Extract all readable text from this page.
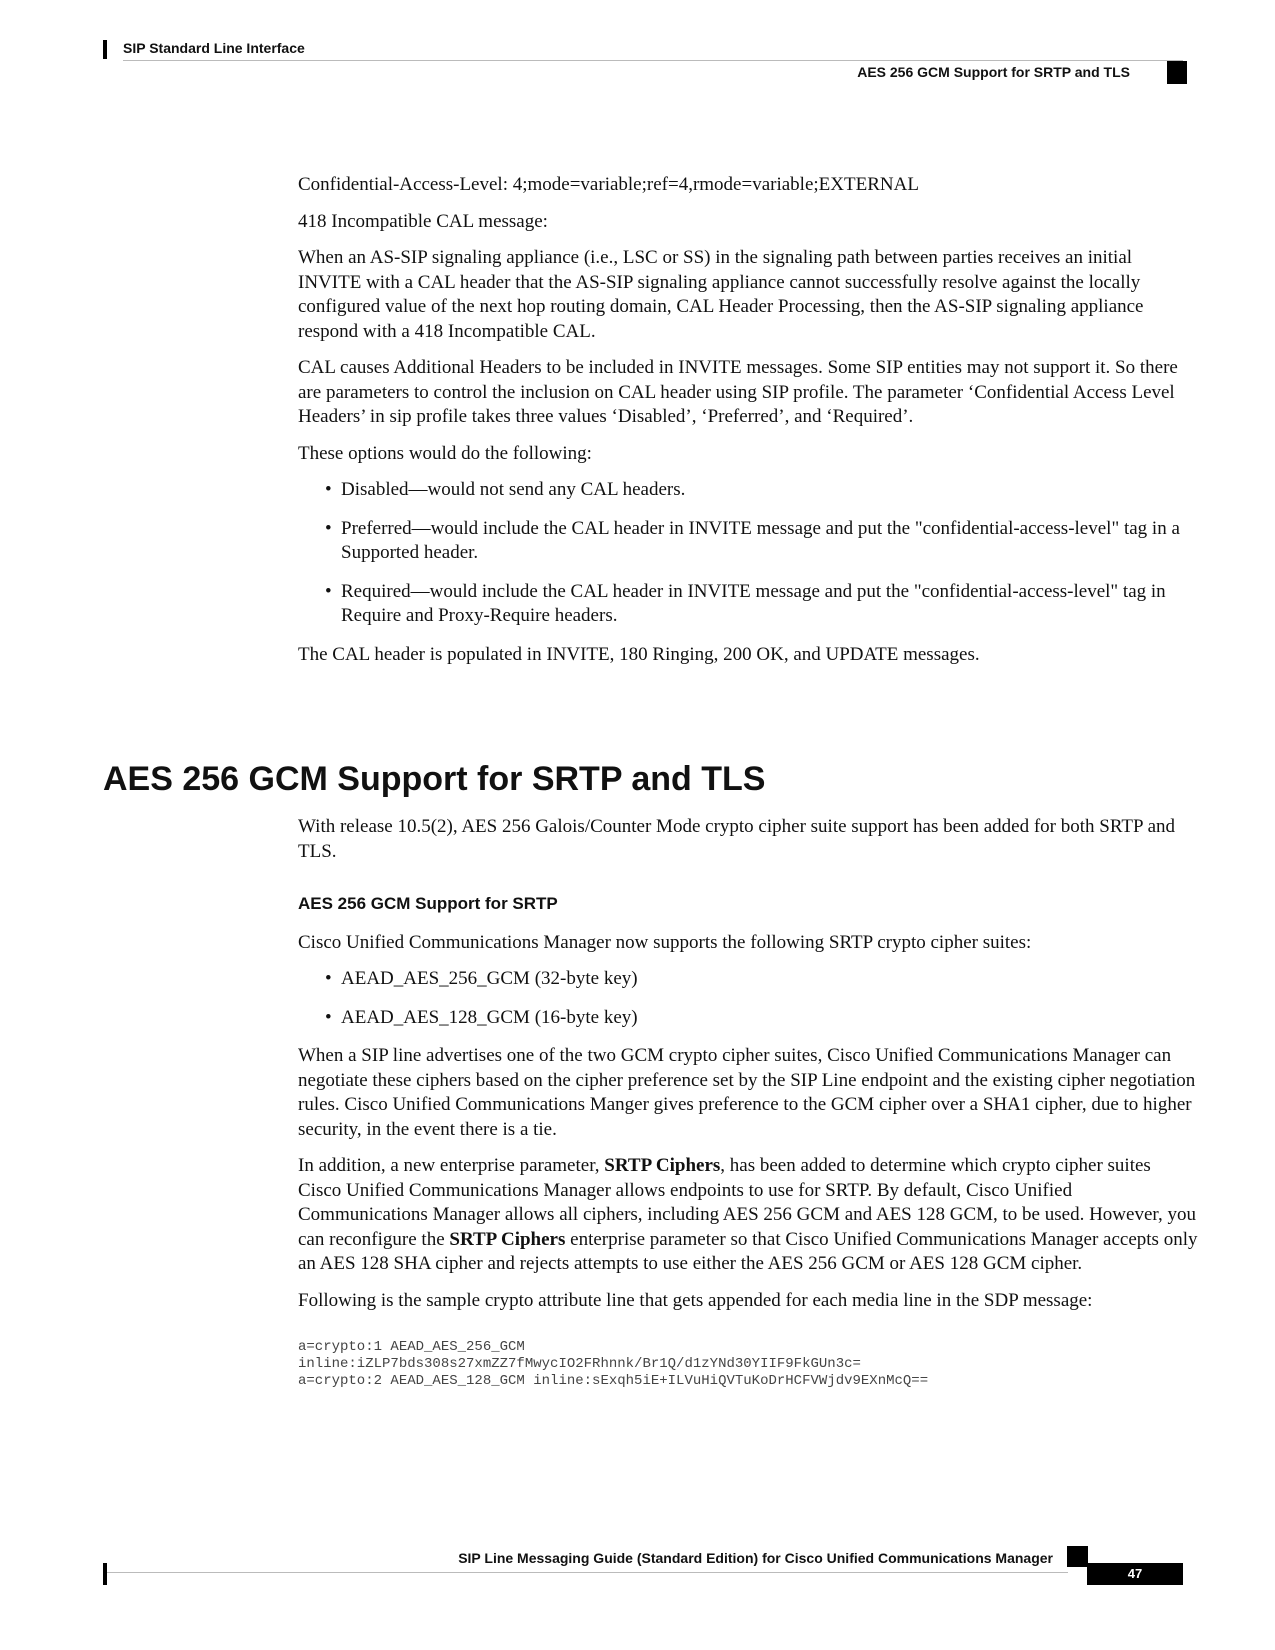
SIP Standard Line Interface
AES 256 GCM Support for SRTP and TLS

Confidential-Access-Level: 4;mode=variable;ref=4,rmode=variable;EXTERNAL

418 Incompatible CAL message:

When an AS-SIP signaling appliance (i.e., LSC or SS) in the signaling path between parties receives an initial INVITE with a CAL header that the AS-SIP signaling appliance cannot successfully resolve against the locally configured value of the next hop routing domain, CAL Header Processing, then the AS-SIP signaling appliance respond with a 418 Incompatible CAL.

CAL causes Additional Headers to be included in INVITE messages. Some SIP entities may not support it. So there are parameters to control the inclusion on CAL header using SIP profile. The parameter ‘Confidential Access Level Headers’ in sip profile takes three values ‘Disabled’, ‘Preferred’, and ‘Required’.

These options would do the following:

• Disabled—would not send any CAL headers.
• Preferred—would include the CAL header in INVITE message and put the "confidential-access-level" tag in a Supported header.
• Required—would include the CAL header in INVITE message and put the "confidential-access-level" tag in Require and Proxy-Require headers.

The CAL header is populated in INVITE, 180 Ringing, 200 OK, and UPDATE messages.

AES 256 GCM Support for SRTP and TLS

With release 10.5(2), AES 256 Galois/Counter Mode crypto cipher suite support has been added for both SRTP and TLS.

AES 256 GCM Support for SRTP

Cisco Unified Communications Manager now supports the following SRTP crypto cipher suites:

• AEAD_AES_256_GCM (32-byte key)
• AEAD_AES_128_GCM (16-byte key)

When a SIP line advertises one of the two GCM crypto cipher suites, Cisco Unified Communications Manager can negotiate these ciphers based on the cipher preference set by the SIP Line endpoint and the existing cipher negotiation rules. Cisco Unified Communications Manger gives preference to the GCM cipher over a SHA1 cipher, due to higher security, in the event there is a tie.

In addition, a new enterprise parameter, SRTP Ciphers, has been added to determine which crypto cipher suites Cisco Unified Communications Manager allows endpoints to use for SRTP. By default, Cisco Unified Communications Manager allows all ciphers, including AES 256 GCM and AES 128 GCM, to be used. However, you can reconfigure the SRTP Ciphers enterprise parameter so that Cisco Unified Communications Manager accepts only an AES 128 SHA cipher and rejects attempts to use either the AES 256 GCM or AES 128 GCM cipher.

Following is the sample crypto attribute line that gets appended for each media line in the SDP message:

a=crypto:1 AEAD_AES_256_GCM
inline:iZLP7bds308s27xmZZ7fMwycIO2FRhnnk/Br1Q/d1zYNd30YIIF9FkGUn3c=
a=crypto:2 AEAD_AES_128_GCM inline:sExqh5iE+ILVuHiQVTuKoDrHCFVWjdv9EXnMcQ==
SIP Line Messaging Guide (Standard Edition) for Cisco Unified Communications Manager
47
